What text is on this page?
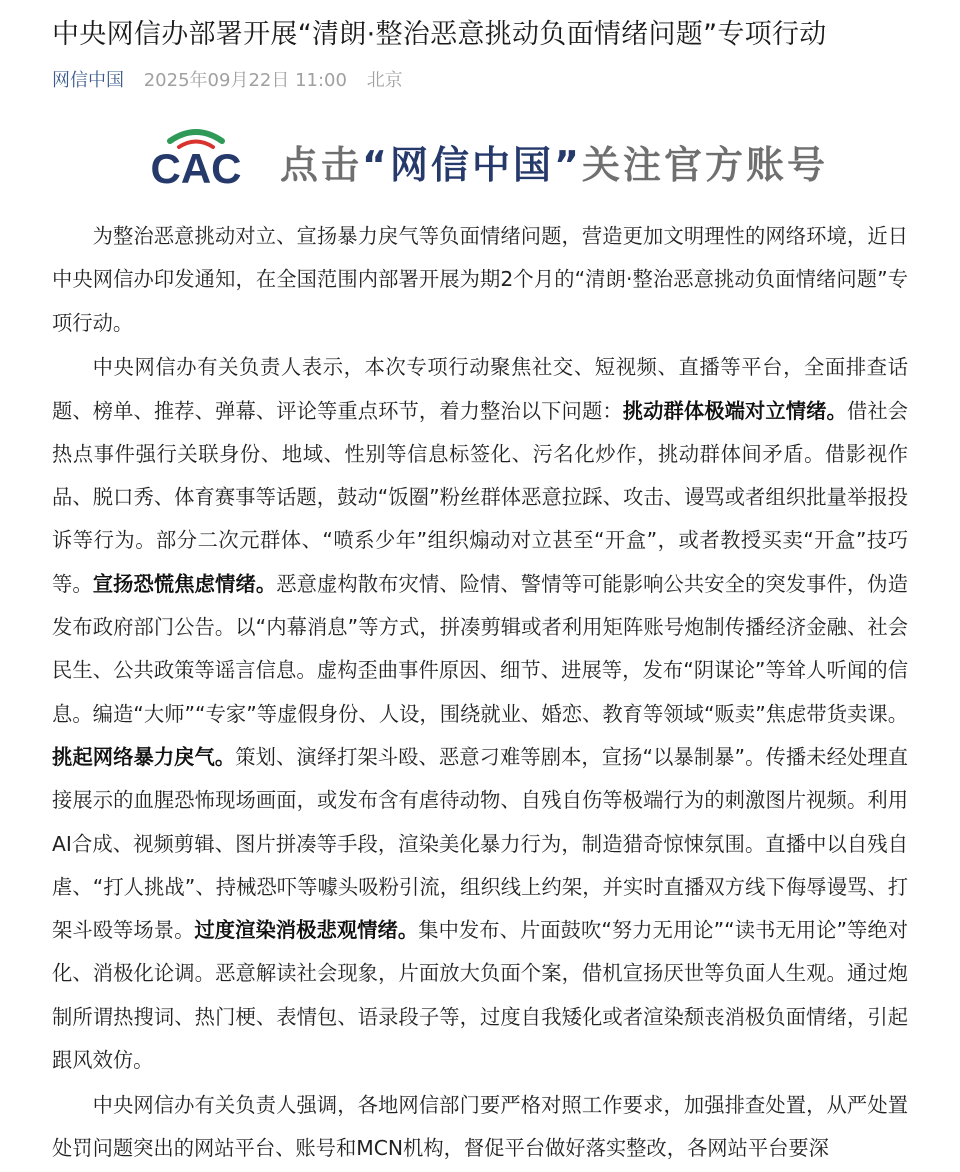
中央网信办部署开展“清朗·整治恶意挑动负面情绪问题”专项行动
网信中国 2025年09月22日 11:00 北京
CAC 点击“网信中国”关注官方账号

为整治恶意挑动对立、宣扬暴力戾气等负面情绪问题，营造更加文明理性的网络环境，近日中央网信办印发通知，在全国范围内部署开展为期2个月的“清朗·整治恶意挑动负面情绪问题”专项行动。

中央网信办有关负责人表示，本次专项行动聚焦社交、短视频、直播等平台，全面排查话题、榜单、推荐、弹幕、评论等重点环节，着力整治以下问题：挑动群体极端对立情绪。借社会热点事件强行关联身份、地域、性别等信息标签化、污名化炒作，挑动群体间矛盾。借影视作品、脱口秀、体育赛事等话题，鼓动“饭圈”粉丝群体恶意拉踩、攻击、谩骂或者组织批量举报投诉等行为。部分二次元群体、“喷系少年”组织煽动对立甚至“开盒”，或者教授买卖“开盒”技巧等。宣扬恐慌焦虑情绪。恶意虚构散布灾情、险情、警情等可能影响公共安全的突发事件，伪造发布政府部门公告。以“内幕消息”等方式，拼凑剪辑或者利用矩阵账号炮制传播经济金融、社会民生、公共政策等谣言信息。虚构歪曲事件原因、细节、进展等，发布“阴谋论”等耸人听闻的信息。编造“大师”“专家”等虚假身份、人设，围绕就业、婚恋、教育等领域“贩卖”焦虑带货卖课。挑起网络暴力戾气。策划、演绎打架斗殴、恶意刁难等剧本，宣扬“以暴制暴”。传播未经处理直接展示的血腥恐怖现场画面，或发布含有虐待动物、自残自伤等极端行为的刺激图片视频。利用AI合成、视频剪辑、图片拼凑等手段，渲染美化暴力行为，制造猎奇惊悚氛围。直播中以自残自虐、“打人挑战”、持械恐吓等噱头吸粉引流，组织线上约架，并实时直播双方线下侮辱谩骂、打架斗殴等场景。过度渲染消极悲观情绪。集中发布、片面鼓吹“努力无用论”“读书无用论”等绝对化、消极化论调。恶意解读社会现象，片面放大负面个案，借机宣扬厌世等负面人生观。通过炮制所谓热搜词、热门梗、表情包、语录段子等，过度自我矮化或者渲染颓丧消极负面情绪，引起跟风效仿。

中央网信办有关负责人强调，各地网信部门要严格对照工作要求，加强排查处置，从严处置处罚问题突出的网站平台、账号和MCN机构，督促平台做好落实整改，各网站平台要深
